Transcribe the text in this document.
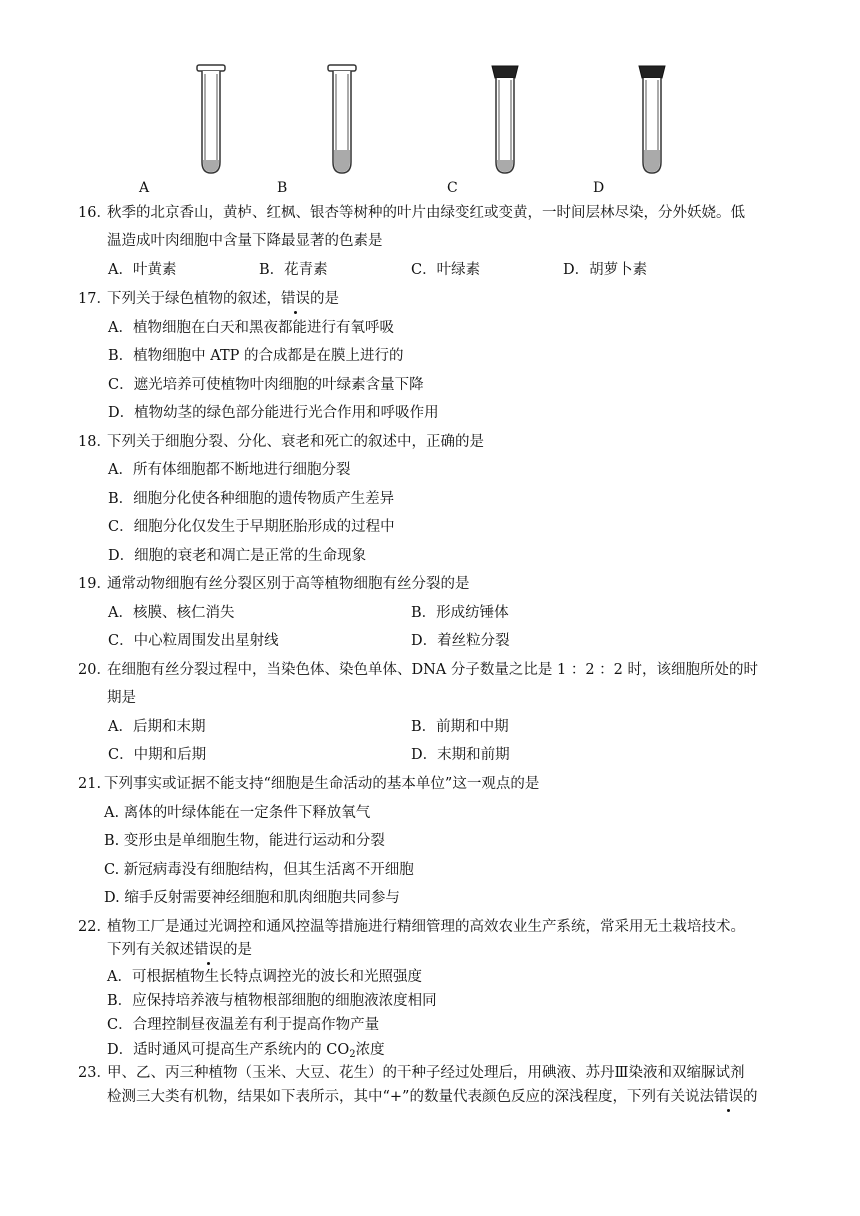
A	B	C	D
16．
秋季的北京香山，黄栌、红枫、银杏等树种的叶片由绿变红或变黄，一时间层林尽染，分外妖娆。低
温造成叶肉细胞中含量下降最显著的色素是
A．叶黄素	B．花青素	C．叶绿素	D．胡萝卜素
17．
下列关于绿色植物的叙述，错误的是
A．植物细胞在白天和黑夜都能进行有氧呼吸
B．植物细胞中 ATP 的合成都是在膜上进行的
C．遮光培养可使植物叶肉细胞的叶绿素含量下降
D．植物幼茎的绿色部分能进行光合作用和呼吸作用
18．
下列关于细胞分裂、分化、衰老和死亡的叙述中，正确的是
A．所有体细胞都不断地进行细胞分裂
B．细胞分化使各种细胞的遗传物质产生差异
C．细胞分化仅发生于早期胚胎形成的过程中
D．细胞的衰老和凋亡是正常的生命现象
19．
通常动物细胞有丝分裂区别于高等植物细胞有丝分裂的是
A．核膜、核仁消失	B．形成纺锤体
C．中心粒周围发出星射线	D．着丝粒分裂
20．
在细胞有丝分裂过程中，当染色体、染色单体、DNA 分子数量之比是 1 ：2 ：2 时，该细胞所处的时
期是
A．后期和末期	B．前期和中期
C．中期和后期	D．末期和前期
21. 下列事实或证据不能支持“细胞是生命活动的基本单位”这一观点的是
A. 离体的叶绿体能在一定条件下释放氧气
B. 变形虫是单细胞生物，能进行运动和分裂
C. 新冠病毒没有细胞结构，但其生活离不开细胞
D. 缩手反射需要神经细胞和肌肉细胞共同参与
22．
植物工厂是通过光调控和通风控温等措施进行精细管理的高效农业生产系统，常采用无土栽培技术。
下列有关叙述错误的是
A．可根据植物生长特点调控光的波长和光照强度
B．应保持培养液与植物根部细胞的细胞液浓度相同
C．合理控制昼夜温差有利于提高作物产量
D．适时通风可提高生产系统内的 $CO_2$浓度
23．
甲、乙、丙三种植物（玉米、大豆、花生）的干种子经过处理后，用碘液、苏丹Ⅲ染液和双缩脲试剂
检测三大类有机物，结果如下表所示，其中“+”的数量代表颜色反应的深浅程度，下列有关说法错误的
